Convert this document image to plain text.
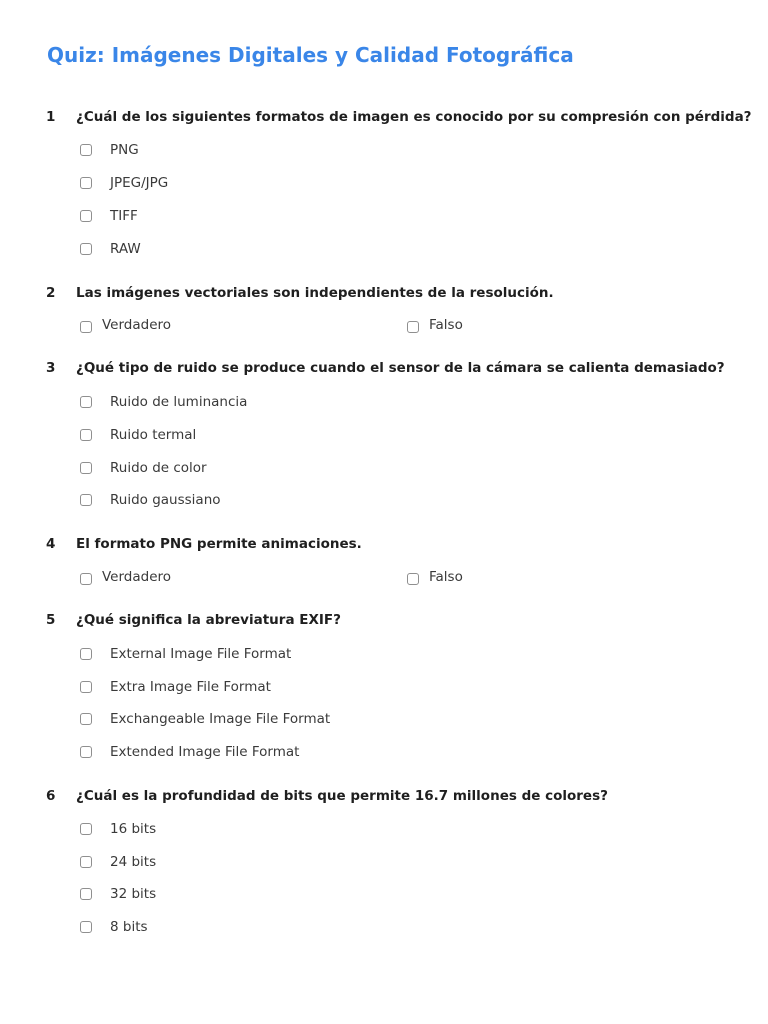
Quiz: Imágenes Digitales y Calidad Fotográfica
1 ¿Cuál de los siguientes formatos de imagen es conocido por su compresión con pérdida?
PNG
JPEG/JPG
TIFF
RAW
2 Las imágenes vectoriales son independientes de la resolución.
Verdadero	Falso
3 ¿Qué tipo de ruido se produce cuando el sensor de la cámara se calienta demasiado?
Ruido de luminancia
Ruido termal
Ruido de color
Ruido gaussiano
4 El formato PNG permite animaciones.
Verdadero	Falso
5 ¿Qué significa la abreviatura EXIF?
External Image File Format
Extra Image File Format
Exchangeable Image File Format
Extended Image File Format
6 ¿Cuál es la profundidad de bits que permite 16.7 millones de colores?
16 bits
24 bits
32 bits
8 bits
